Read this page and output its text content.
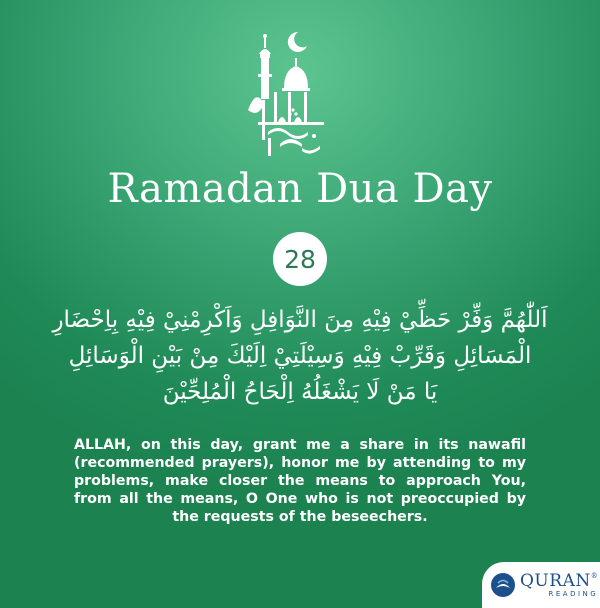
Ramadan Dua Day
28
اَللّٰهُمَّ وَفِّرْ حَظِّيْ فِيْهِ مِنَ النَّوَافِلِ وَاَكْرِمْنِيْ فِيْهِ بِاِحْضَارِ
الْمَسَائِلِ وَقَرِّبْ فِيْهِ وَسِيْلَتِيْ اِلَيْكَ مِنْ بَيْنِ الْوَسَائِلِ
يَا مَنْ لَا يَشْغَلُهُ اِلْحَاحُ الْمُلِحِّيْنَ
ALLAH, on this day, grant me a share in its nawafil (recommended prayers), honor me by attending to my problems, make closer the means to approach You, from all the means, O One who is not preoccupied by the requests of the beseechers.
QURAN®
READING
